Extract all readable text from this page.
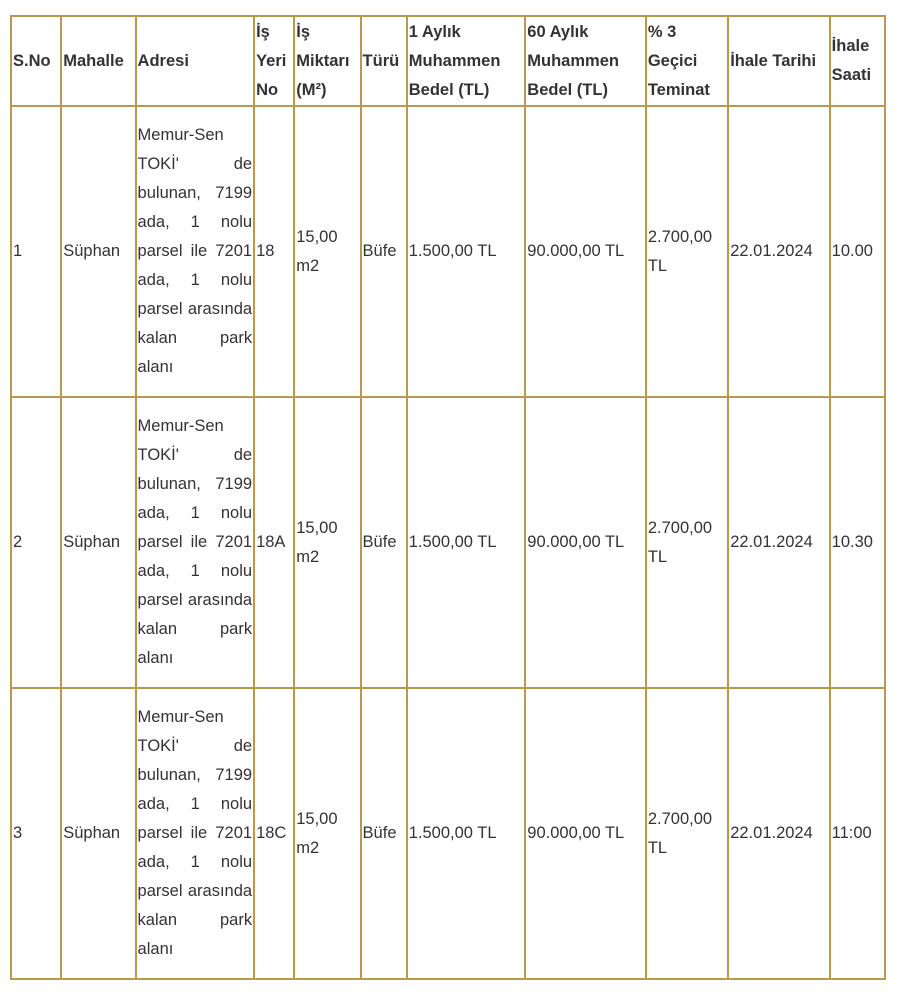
S.No	Mahalle	Adresi	İş Yeri No	İş Miktarı (M²)	Türü	1 Aylık Muhammen Bedel (TL)	60 Aylık Muhammen Bedel (TL)	% 3 Geçici Teminat	İhale Tarihi	İhale Saati
1	Süphan	Memur-Sen TOKİ' de bulunan, 7199 ada, 1 nolu parsel ile 7201 ada, 1 nolu parsel arasında kalan park alanı	18	15,00 m2	Büfe	1.500,00 TL	90.000,00 TL	2.700,00 TL	22.01.2024	10.00
2	Süphan	Memur-Sen TOKİ' de bulunan, 7199 ada, 1 nolu parsel ile 7201 ada, 1 nolu parsel arasında kalan park alanı	18A	15,00 m2	Büfe	1.500,00 TL	90.000,00 TL	2.700,00 TL	22.01.2024	10.30
3	Süphan	Memur-Sen TOKİ' de bulunan, 7199 ada, 1 nolu parsel ile 7201 ada, 1 nolu parsel arasında kalan park alanı	18C	15,00 m2	Büfe	1.500,00 TL	90.000,00 TL	2.700,00 TL	22.01.2024	11:00
